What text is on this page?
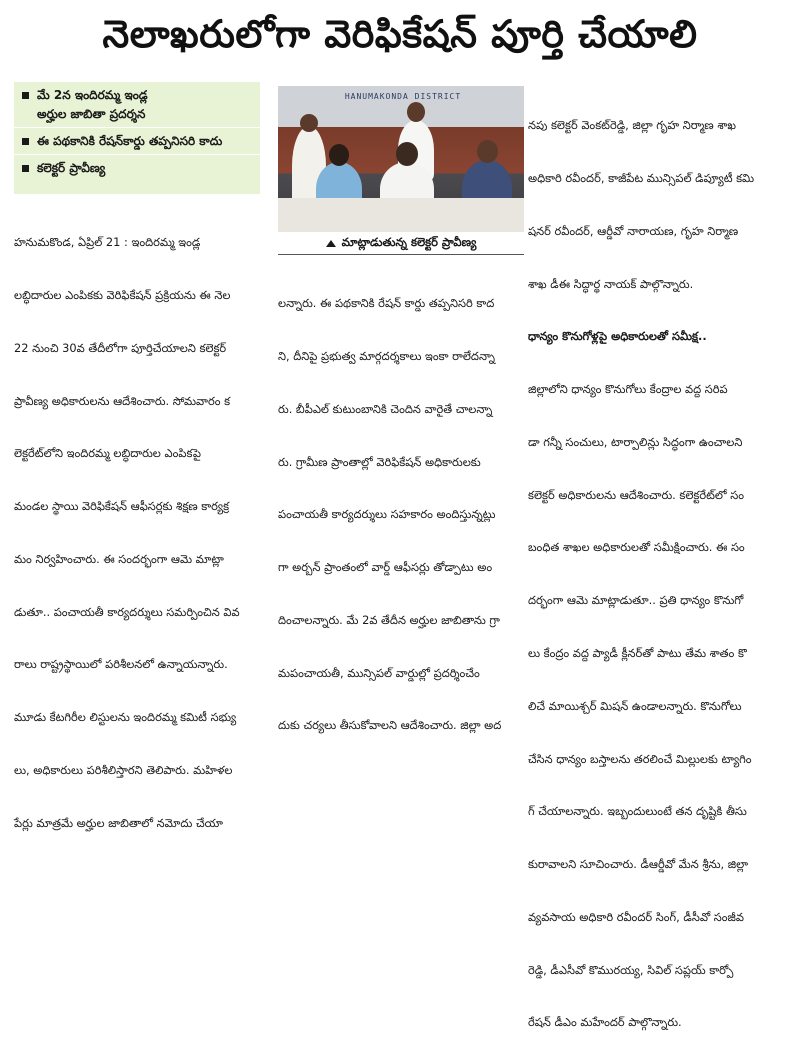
నెలాఖరులోగా వెరిఫికేషన్ పూర్తి చేయాలి
మే 2న ఇందిరమ్మ ఇండ్ల
అర్హుల జాబితా ప్రదర్శన
ఈ పథకానికి రేషన్‌కార్డు తప్పనిసరి కాదు
కలెక్టర్ ప్రావీణ్య

హనుమకొండ, ఏప్రిల్ 21 : ఇందిరమ్మ ఇండ్ల

లబ్ధిదారుల ఎంపికకు వెరిఫికేషన్ ప్రక్రియను ఈ నెల

22 నుంచి 30వ తేదీలోగా పూర్తిచేయాలని కలెక్టర్

ప్రావీణ్య అధికారులను ఆదేశించారు. సోమవారం క

లెక్టరేట్‌లోని ఇందిరమ్మ లబ్ధిదారుల ఎంపికపై

మండల స్థాయి వెరిఫికేషన్ ఆఫీసర్లకు శిక్షణ కార్యక్ర

మం నిర్వహించారు. ఈ సందర్భంగా ఆమె మాట్లా

డుతూ.. పంచాయతీ కార్యదర్శులు సమర్పించిన వివ

రాలు రాష్ట్రస్థాయిలో పరిశీలనలో ఉన్నాయన్నారు.

మూడు కేటగిరీల లిస్టులను ఇందిరమ్మ కమిటీ సభ్యు

లు, అధికారులు పరిశీలిస్తారని తెలిపారు. మహిళల

పేర్లు మాత్రమే అర్హుల జాబితాలో నమోదు చేయా

HANUMAKONDA DISTRICT
మాట్లాడుతున్న కలెక్టర్ ప్రావీణ్య

లన్నారు. ఈ పథకానికి రేషన్ కార్డు తప్పనిసరి కాద

ని, దీనిపై ప్రభుత్వ మార్గదర్శకాలు ఇంకా రాలేదన్నా

రు. బీపీఎల్ కుటుంబానికి చెందిన వారైతే చాలన్నా

రు. గ్రామీణ ప్రాంతాల్లో వెరిఫికేషన్ అధికారులకు

పంచాయతీ కార్యదర్శులు సహకారం అందిస్తున్నట్లు

గా అర్బన్ ప్రాంతంలో వార్డ్ ఆఫీసర్లు తోడ్పాటు అం

దించాలన్నారు. మే 2వ తేదీన అర్హుల జాబితాను గ్రా

మపంచాయతీ, మున్సిపల్ వార్డుల్లో ప్రదర్శించేం

దుకు చర్యలు తీసుకోవాలని ఆదేశించారు. జిల్లా అద

నపు కలెక్టర్ వెంకట్‌రెడ్డి, జిల్లా గృహ నిర్మాణ శాఖ

అధికారి రవీందర్, కాజీపేట మున్సిపల్ డిప్యూటీ కమి

షనర్ రవీందర్, ఆర్డీవో నారాయణ, గృహ నిర్మాణ

శాఖ డీఈ సిద్ధార్థ నాయక్ పాల్గొన్నారు.

ధాన్యం కొనుగోళ్లపై అధికారులతో సమీక్ష..

జిల్లాలోని ధాన్యం కొనుగోలు కేంద్రాల వద్ద సరిప

డా గన్నీ సంచులు, టార్పాలిన్లు సిద్ధంగా ఉంచాలని

కలెక్టర్ అధికారులను ఆదేశించారు. కలెక్టరేట్‌లో సం

బంధిత శాఖల అధికారులతో సమీక్షించారు. ఈ సం

దర్భంగా ఆమె మాట్లాడుతూ.. ప్రతి ధాన్యం కొనుగో

లు కేంద్రం వద్ద ప్యాడీ క్లీనర్‌తో పాటు తేమ శాతం కొ

లిచే మాయిశ్చర్ మిషన్ ఉండాలన్నారు. కొనుగోలు

చేసిన ధాన్యం బస్తాలను తరలించే మిల్లులకు ట్యాగిం

గ్ చేయాలన్నారు. ఇబ్బందులుంటే తన దృష్టికి తీసు

కురావాలని సూచించారు. డీఆర్డీవో మేన శ్రీను, జిల్లా

వ్యవసాయ అధికారి రవీందర్ సింగ్, డీసీవో సంజీవ

రెడ్డి, డీఎసీవో కొమురయ్య, సివిల్ సప్లయ్ కార్పో

రేషన్ డీఎం మహేందర్ పాల్గొన్నారు.
